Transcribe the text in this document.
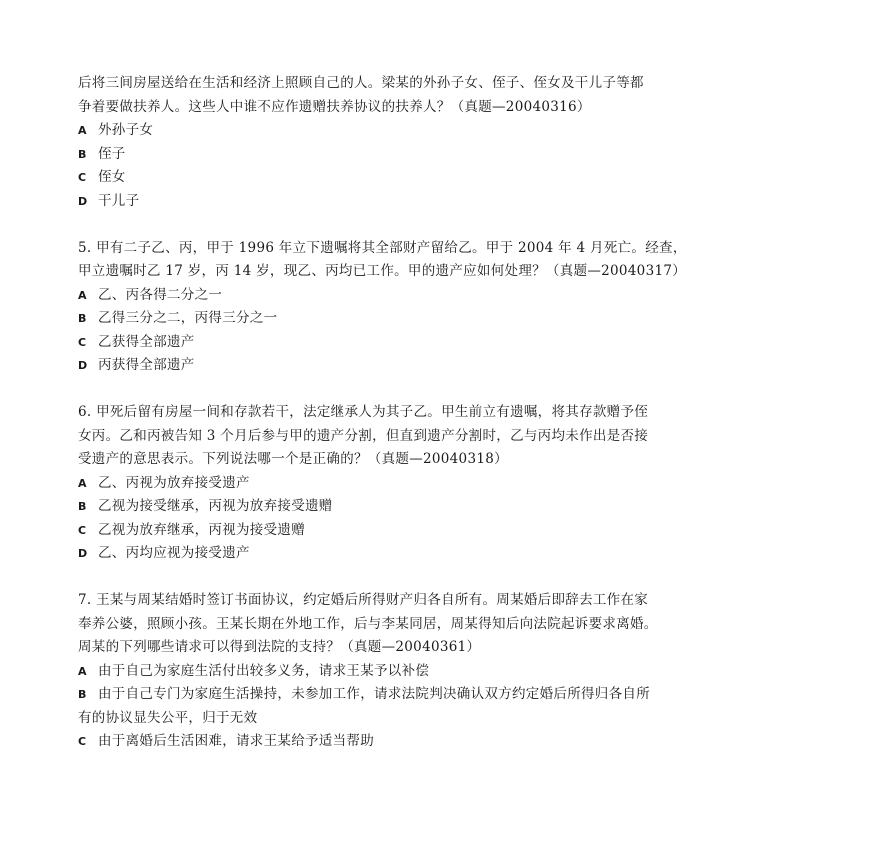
后将三间房屋送给在生活和经济上照顾自己的人。梁某的外孙子女、侄子、侄女及干儿子等都
争着要做扶养人。这些人中谁不应作遗赠扶养协议的扶养人？（真题—20040316）
A 外孙子女
B 侄子
C 侄女
D 干儿子
5. 甲有二子乙、丙，甲于 1996 年立下遗嘱将其全部财产留给乙。甲于 2004 年 4 月死亡。经查，
甲立遗嘱时乙 17 岁，丙 14 岁，现乙、丙均已工作。甲的遗产应如何处理？（真题—20040317）
A 乙、丙各得二分之一
B 乙得三分之二，丙得三分之一
C 乙获得全部遗产
D 丙获得全部遗产
6. 甲死后留有房屋一间和存款若干，法定继承人为其子乙。甲生前立有遗嘱，将其存款赠予侄
女丙。乙和丙被告知 3 个月后参与甲的遗产分割，但直到遗产分割时，乙与丙均未作出是否接
受遗产的意思表示。下列说法哪一个是正确的？（真题—20040318）
A 乙、丙视为放弃接受遗产
B 乙视为接受继承，丙视为放弃接受遗赠
C 乙视为放弃继承，丙视为接受遗赠
D 乙、丙均应视为接受遗产
7. 王某与周某结婚时签订书面协议，约定婚后所得财产归各自所有。周某婚后即辞去工作在家
奉养公婆，照顾小孩。王某长期在外地工作，后与李某同居，周某得知后向法院起诉要求离婚。
周某的下列哪些请求可以得到法院的支持？（真题—20040361）
A 由于自己为家庭生活付出较多义务，请求王某予以补偿
B 由于自己专门为家庭生活操持，未参加工作，请求法院判决确认双方约定婚后所得归各自所
有的协议显失公平，归于无效
C 由于离婚后生活困难，请求王某给予适当帮助
